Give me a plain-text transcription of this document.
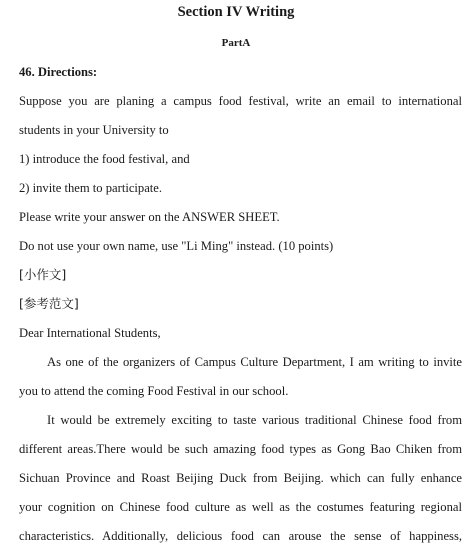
Section IV Writing
PartA
46. Directions:
Suppose you are planing a campus food festival, write an email to international
students in your University to
1) introduce the food festival, and
2) invite them to participate.
Please write your answer on the ANSWER SHEET.
Do not use your own name, use "Li Ming" instead. (10 points)
[小作文]
[参考范文]
Dear International Students,
As one of the organizers of Campus Culture Department, I am writing to invite
you to attend the coming Food Festival in our school.
It would be extremely exciting to taste various traditional Chinese food from
different areas.There would be such amazing food types as Gong Bao Chiken from
Sichuan Province and Roast Beijing Duck from Beijing. which can fully enhance
your cognition on Chinese food culture as well as the costumes featuring regional
characteristics. Additionally, delicious food can arouse the sense of happiness,
